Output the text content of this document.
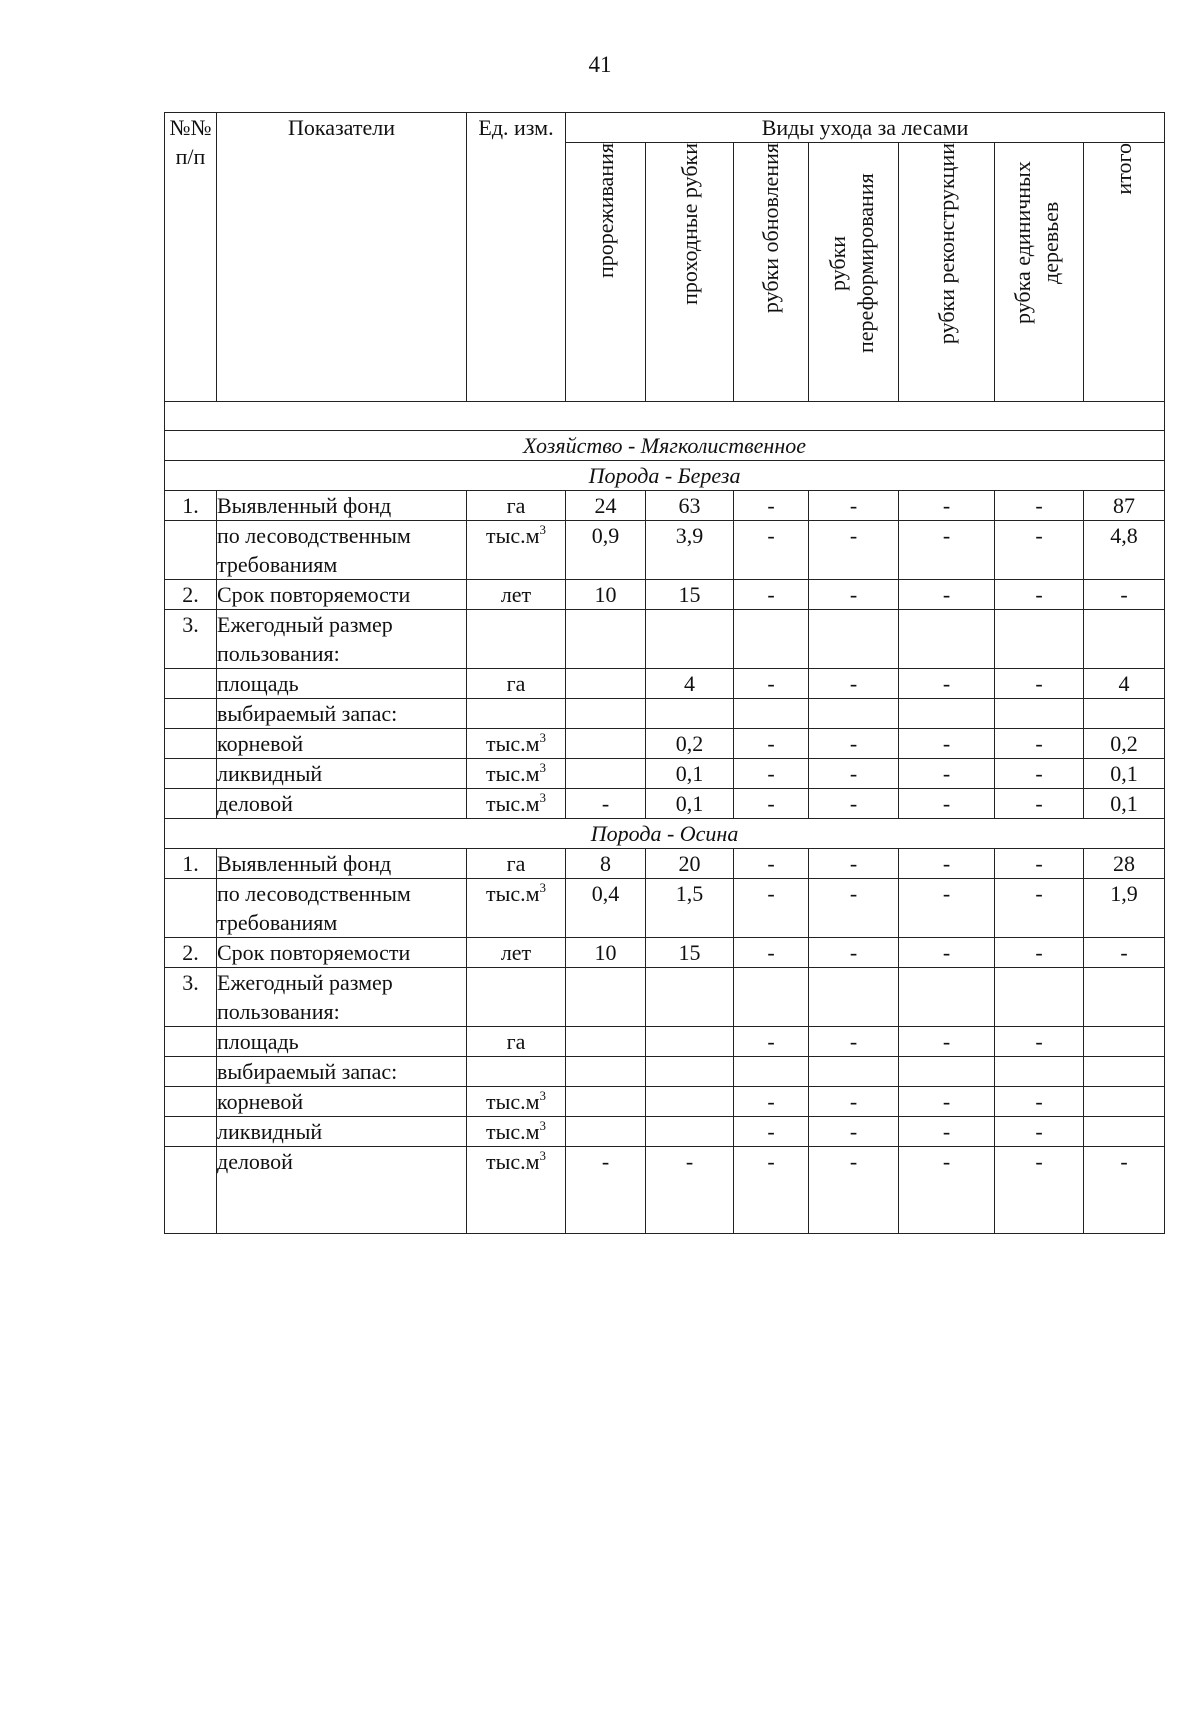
41
№№ п/п	Показатели	Ед. изм.	Виды ухода за лесами						
			прореживания	проходные рубки	рубки обновления	рубки переформирования	рубки реконструкции	рубка единичных деревьев	итого

Хозяйство - Мягколиственное									
Порода - Береза									
1.	Выявленный фонд	га	24	63	-	-	-	-	87
	по лесоводственным требованиям	$тыс.м^3$	0,9	3,9	-	-	-	-	4,8
2.	Срок повторяемости	лет	10	15	-	-	-	-	-
3.	Ежегодный размер пользования:								
	площадь	га		4	-	-	-	-	4
	выбираемый запас:								
	корневой	$тыс.м^3$		0,2	-	-	-	-	0,2
	ликвидный	$тыс.м^3$		0,1	-	-	-	-	0,1
	деловой	$тыс.м^3$	-	0,1	-	-	-	-	0,1
Порода - Осина									
1.	Выявленный фонд	га	8	20	-	-	-	-	28
	по лесоводственным требованиям	$тыс.м^3$	0,4	1,5	-	-	-	-	1,9
2.	Срок повторяемости	лет	10	15	-	-	-	-	-
3.	Ежегодный размер пользования:								
	площадь	га			-	-	-	-	
	выбираемый запас:								
	корневой	$тыс.м^3$			-	-	-	-	
	ликвидный	$тыс.м^3$			-	-	-	-	
	деловой	$тыс.м^3$	-	-	-	-	-	-	-
